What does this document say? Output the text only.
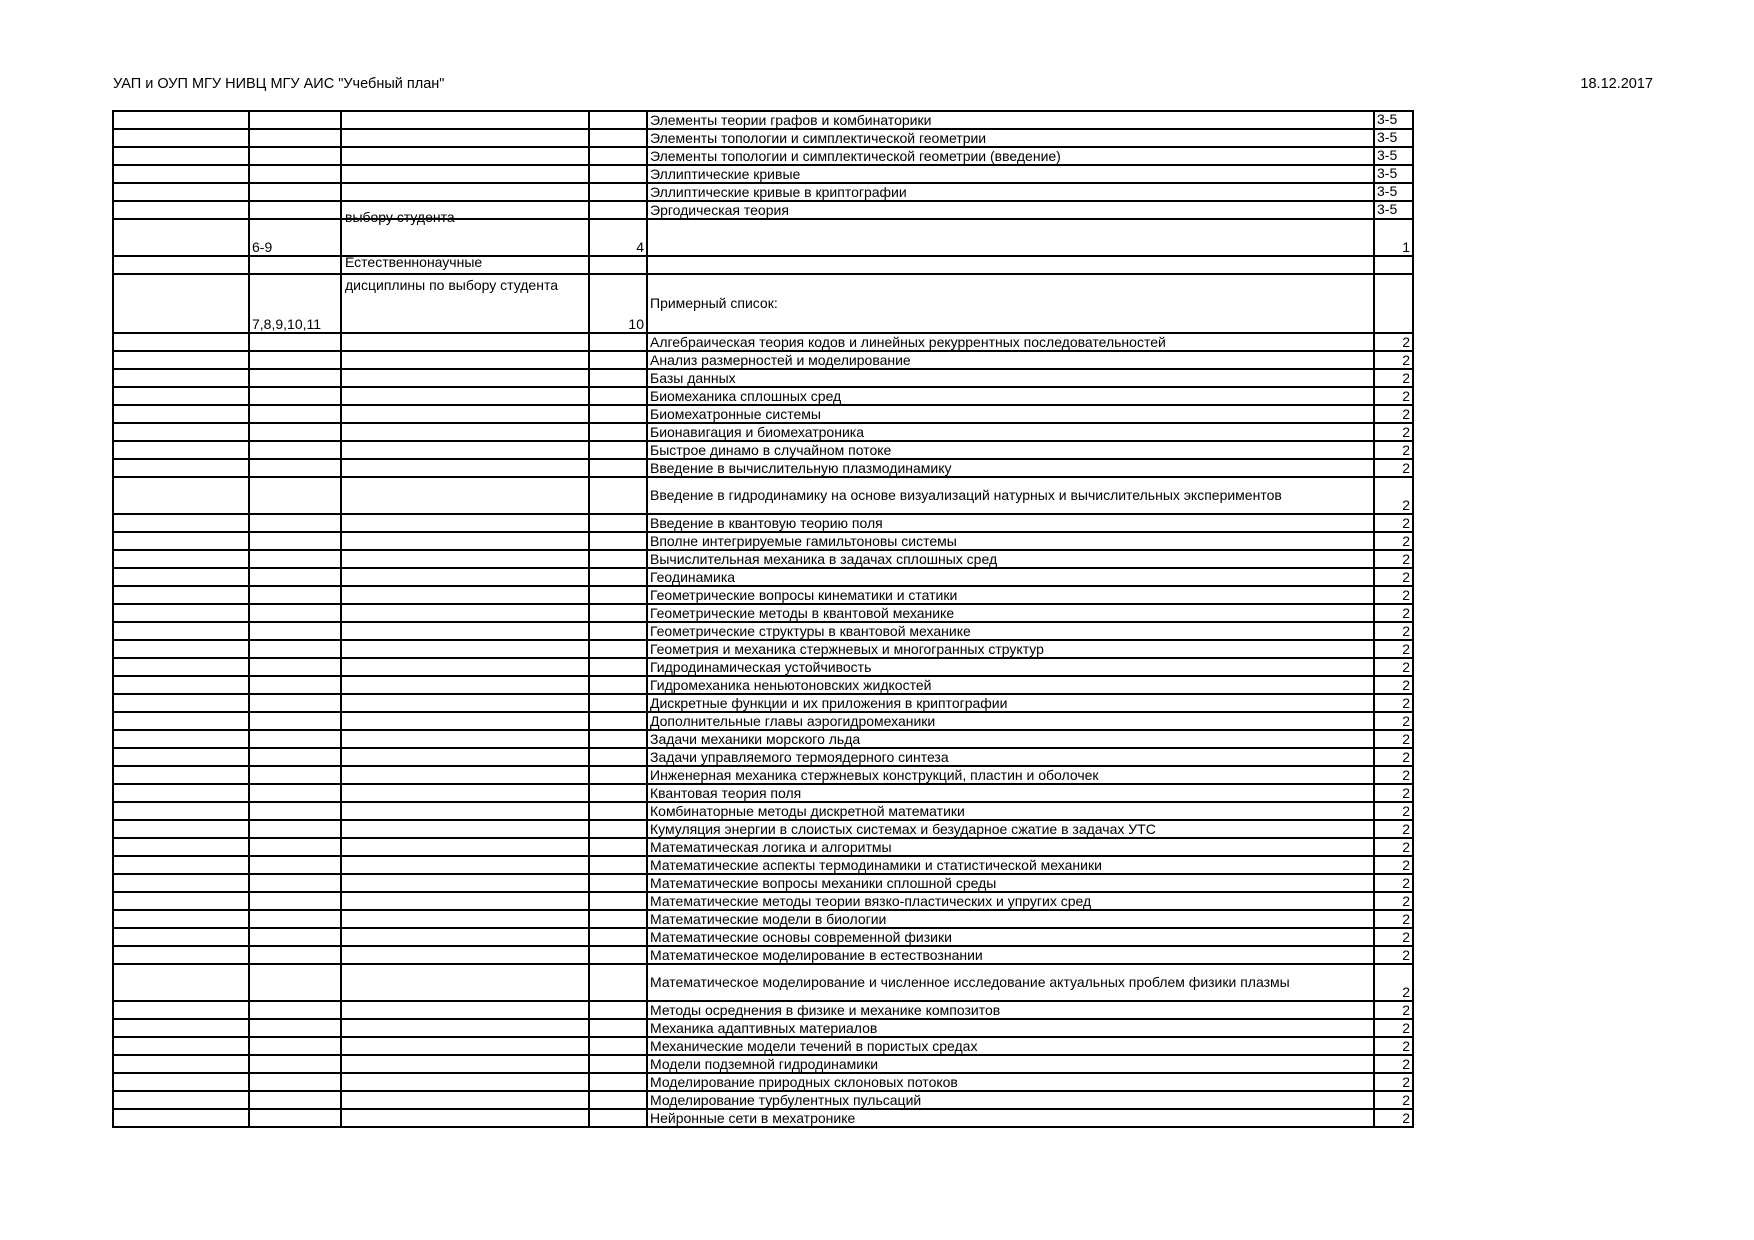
УАП и ОУП МГУ НИВЦ МГУ АИС "Учебный план"	18.12.2017
				Элементы теории графов и комбинаторики	3-5
				Элементы топологии и симплектической геометрии	3-5
				Элементы топологии и симплектической геометрии (введение)	3-5
				Эллиптические кривые	3-5
				Эллиптические кривые в криптографии	3-5
				Эргодическая теория	3-5
	6-9	выбору студента	4		1

		Естественнонаучные			

	7,8,9,10,11	дисциплины по выбору студента	10	Примерный список:	
				Алгебраическая теория кодов и линейных рекуррентных последовательностей	2
				Анализ размерностей и моделирование	2
				Базы данных	2
				Биомеханика сплошных сред	2
				Биомехатронные системы	2
				Бионавигация и биомехатроника	2
				Быстрое динамо в случайном потоке	2
				Введение в вычислительную плазмодинамику	2
				Введение в гидродинамику на основе визуализаций натурных и вычислительных экспериментов	2
				Введение в квантовую теорию поля	2
				Вполне интегрируемые гамильтоновы системы	2
				Вычислительная механика в задачах сплошных сред	2
				Геодинамика	2
				Геометрические вопросы кинематики и статики	2
				Геометрические методы в квантовой механике	2
				Геометрические структуры в квантовой механике	2
				Геометрия и механика стержневых и многогранных структур	2
				Гидродинамическая устойчивость	2
				Гидромеханика неньютоновских жидкостей	2
				Дискретные функции и их приложения в криптографии	2
				Дополнительные главы аэрогидромеханики	2
				Задачи механики морского льда	2
				Задачи управляемого термоядерного синтеза	2
				Инженерная механика стержневых конструкций, пластин и оболочек	2
				Квантовая теория поля	2
				Комбинаторные методы дискретной математики	2
				Кумуляция энергии в слоистых системах и безударное сжатие в задачах УТС	2
				Математическая логика и алгоритмы	2
				Математические аспекты термодинамики и статистической механики	2
				Математические вопросы механики сплошной среды	2
				Математические методы теории вязко-пластических и упругих сред	2
				Математические модели в биологии	2
				Математические основы современной физики	2
				Математическое моделирование в естествознании	2
				Математическое моделирование и численное исследование актуальных проблем физики плазмы	2
				Методы осреднения в физике и механике композитов	2
				Механика адаптивных материалов	2
				Механические модели течений в пористых средах	2
				Модели подземной гидродинамики	2
				Моделирование природных склоновых потоков	2
				Моделирование турбулентных пульсаций	2
				Нейронные сети в мехатронике	2
